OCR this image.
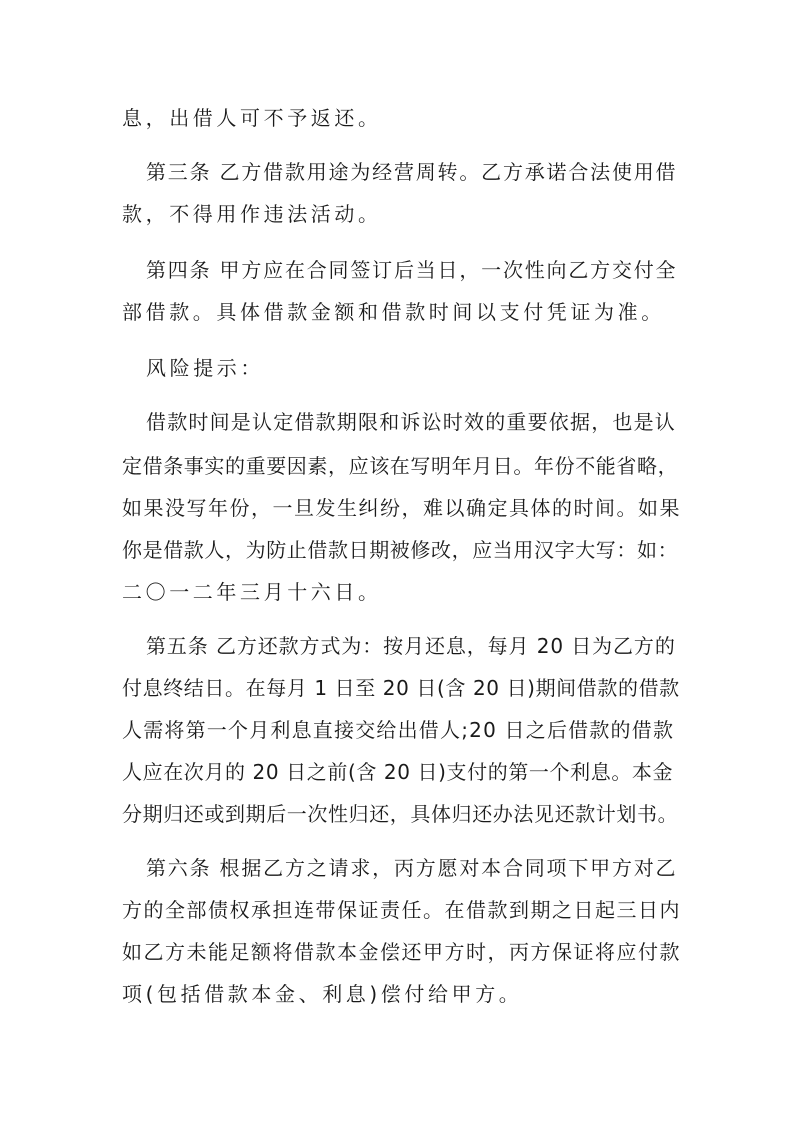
息，出借人可不予返还。
第三条 乙方借款用途为经营周转。乙方承诺合法使用借
款，不得用作违法活动。
第四条 甲方应在合同签订后当日，一次性向乙方交付全
部借款。具体借款金额和借款时间以支付凭证为准。
风险提示：
借款时间是认定借款期限和诉讼时效的重要依据，也是认
定借条事实的重要因素，应该在写明年月日。年份不能省略，
如果没写年份，一旦发生纠纷，难以确定具体的时间。如果
你是借款人，为防止借款日期被修改，应当用汉字大写：如：
二〇一二年三月十六日。
第五条 乙方还款方式为：按月还息，每月 20 日为乙方的
付息终结日。在每月 1 日至 20 日(含 20 日)期间借款的借款
人需将第一个月利息直接交给出借人;20 日之后借款的借款
人应在次月的 20 日之前(含 20 日)支付的第一个利息。本金
分期归还或到期后一次性归还，具体归还办法见还款计划书。
第六条 根据乙方之请求，丙方愿对本合同项下甲方对乙
方的全部债权承担连带保证责任。在借款到期之日起三日内
如乙方未能足额将借款本金偿还甲方时，丙方保证将应付款
项(包括借款本金、利息)偿付给甲方。
